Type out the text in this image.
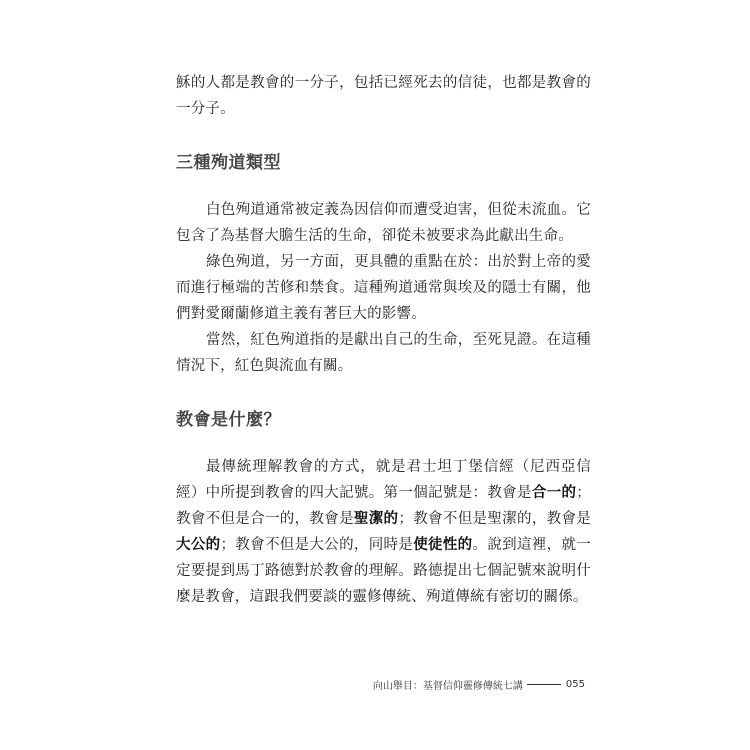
穌的人都是教會的一分子，包括已經死去的信徒，也都是教會的一分子。

三種殉道類型

白色殉道通常被定義為因信仰而遭受迫害，但從未流血。它包含了為基督大膽生活的生命，卻從未被要求為此獻出生命。

綠色殉道，另一方面，更具體的重點在於：出於對上帝的愛而進行極端的苦修和禁食。這種殉道通常與埃及的隱士有關，他們對愛爾蘭修道主義有著巨大的影響。

當然，紅色殉道指的是獻出自己的生命，至死見證。在這種情況下，紅色與流血有關。

教會是什麼？

最傳統理解教會的方式，就是君士坦丁堡信經（尼西亞信經）中所提到教會的四大記號。第一個記號是：教會是合一的；教會不但是合一的，教會是聖潔的；教會不但是聖潔的，教會是大公的；教會不但是大公的，同時是使徒性的。說到這裡，就一定要提到馬丁路德對於教會的理解。路德提出七個記號來說明什麼是教會，這跟我們要談的靈修傳統、殉道傳統有密切的關係。

向山舉目：基督信仰靈修傳統七講	055
